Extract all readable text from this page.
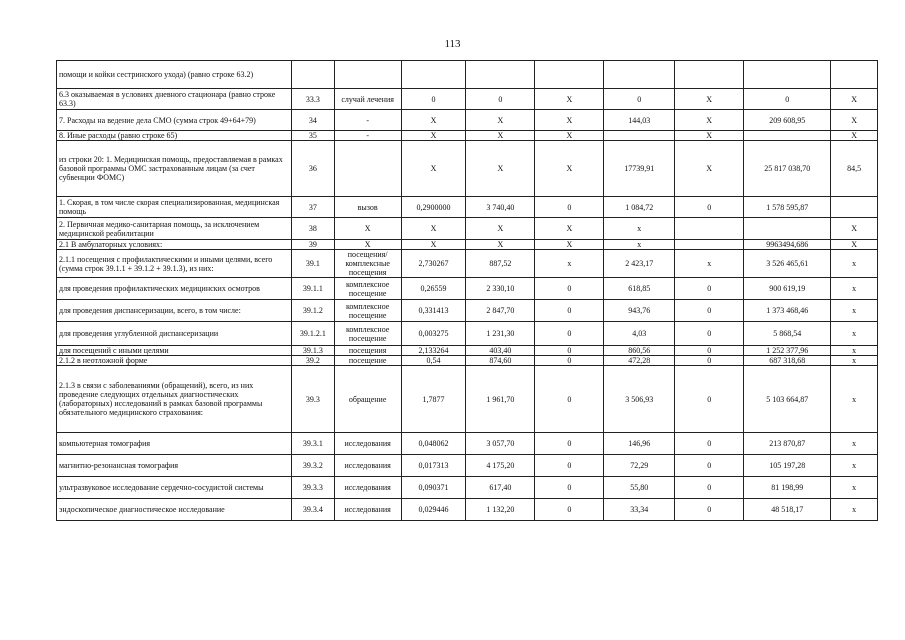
113
помощи и койки сестринского ухода) (равно строке 63.2)									
6.3 оказываемая в условиях дневного стационара (равно строке 63.3)	33.3	случай лечения	0	0	X	0	X	0	X
7. Расходы на ведение дела СМО (сумма строк 49+64+79)	34	-	X	X	X	144,03	X	209 608,95	X
8. Иные расходы (равно строке 65)	35	-	X	X	X		X		X
из строки 20: 1. Медицинская помощь, предоставляемая в рамках базовой программы ОМС застрахованным лицам (за счет субвенции ФОМС)	36		X	X	X	17739,91	X	25 817 038,70	84,5
1. Скорая, в том числе скорая специализированная, медицинская помощь	37	вызов	0,2900000	3 740,40	0	1 084,72	0	1 578 595,87	
2. Первичная медико-санитарная помощь, за исключением медицинской реабилитации	38	X	X	X	X	x			X
2.1 В амбулаторных условиях:	39	X	X	X	X	x		9963494,686	X
2.1.1 посещения с профилактическими и иными целями, всего (сумма строк 39.1.1 + 39.1.2 + 39.1.3), из них:	39.1	посещения/комплексные посещения	2,730267	887,52	x	2 423,17	x	3 526 465,61	x
для проведения профилактических медицинских осмотров	39.1.1	комплексное посещение	0,26559	2 330,10	0	618,85	0	900 619,19	x
для проведения диспансеризации, всего, в том числе:	39.1.2	комплексное посещение	0,331413	2 847,70	0	943,76	0	1 373 468,46	x
для проведения углубленной диспансеризации	39.1.2.1	комплексное посещение	0,003275	1 231,30	0	4,03	0	5 868,54	x
для посещений с иными целями	39.1.3	посещения	2,133264	403,40	0	860,56	0	1 252 377,96	x
2.1.2 в неотложной форме	39.2	посещение	0,54	874,60	0	472,28	0	687 318,68	x
2.1.3 в связи с заболеваниями (обращений), всего, из них проведение следующих отдельных диагностических (лабораторных) исследований в рамках базовой программы обязательного медицинского страхования:	39.3	обращение	1,7877	1 961,70	0	3 506,93	0	5 103 664,87	x
компьютерная томография	39.3.1	исследования	0,048062	3 057,70	0	146,96	0	213 870,87	x
магнитно-резонансная томография	39.3.2	исследования	0,017313	4 175,20	0	72,29	0	105 197,28	x
ультразвуковое исследование сердечно-сосудистой системы	39.3.3	исследования	0,090371	617,40	0	55,80	0	81 198,99	x
эндоскопическое диагностическое исследование	39.3.4	исследования	0,029446	1 132,20	0	33,34	0	48 518,17	x
